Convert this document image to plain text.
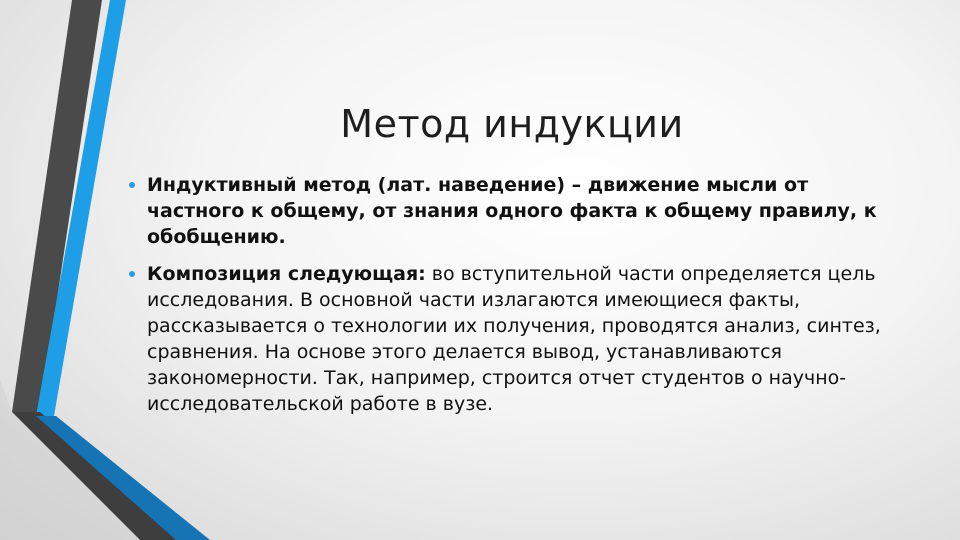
Метод индукции
Индуктивный метод (лат. наведение) – движение мысли от частного к общему, от знания одного факта к общему правилу, к обобщению.
Композиция следующая: во вступительной части определяется цель исследования. В основной части излагаются имеющиеся факты, рассказывается о технологии их получения, проводятся анализ, синтез, сравнения. На основе этого делается вывод, устанавливаются закономерности. Так, например, строится отчет студентов о научно-исследовательской работе в вузе.
